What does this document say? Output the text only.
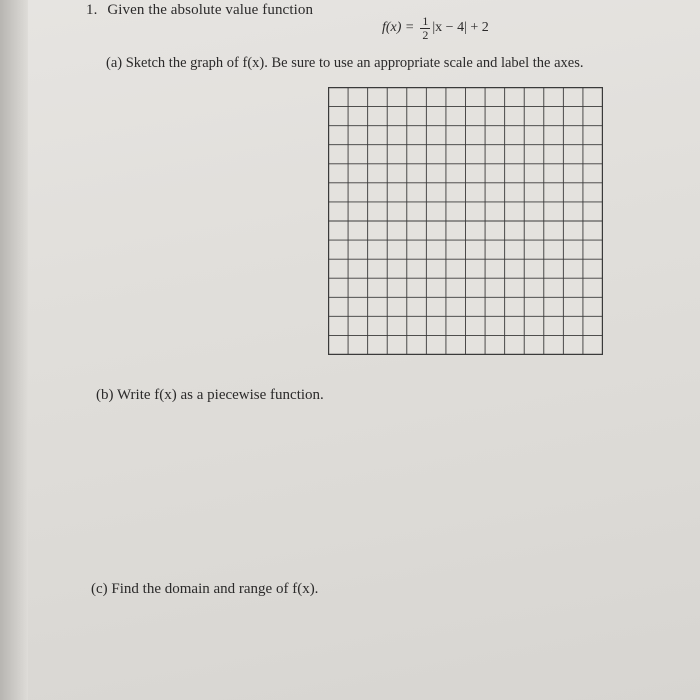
1. Given the absolute value function
$f(x) = \frac{1}{2} |x - 4| + 2$
(a) Sketch the graph of f(x). Be sure to use an appropriate scale and label the axes.
(b) Write f(x) as a piecewise function.
(c) Find the domain and range of f(x).
